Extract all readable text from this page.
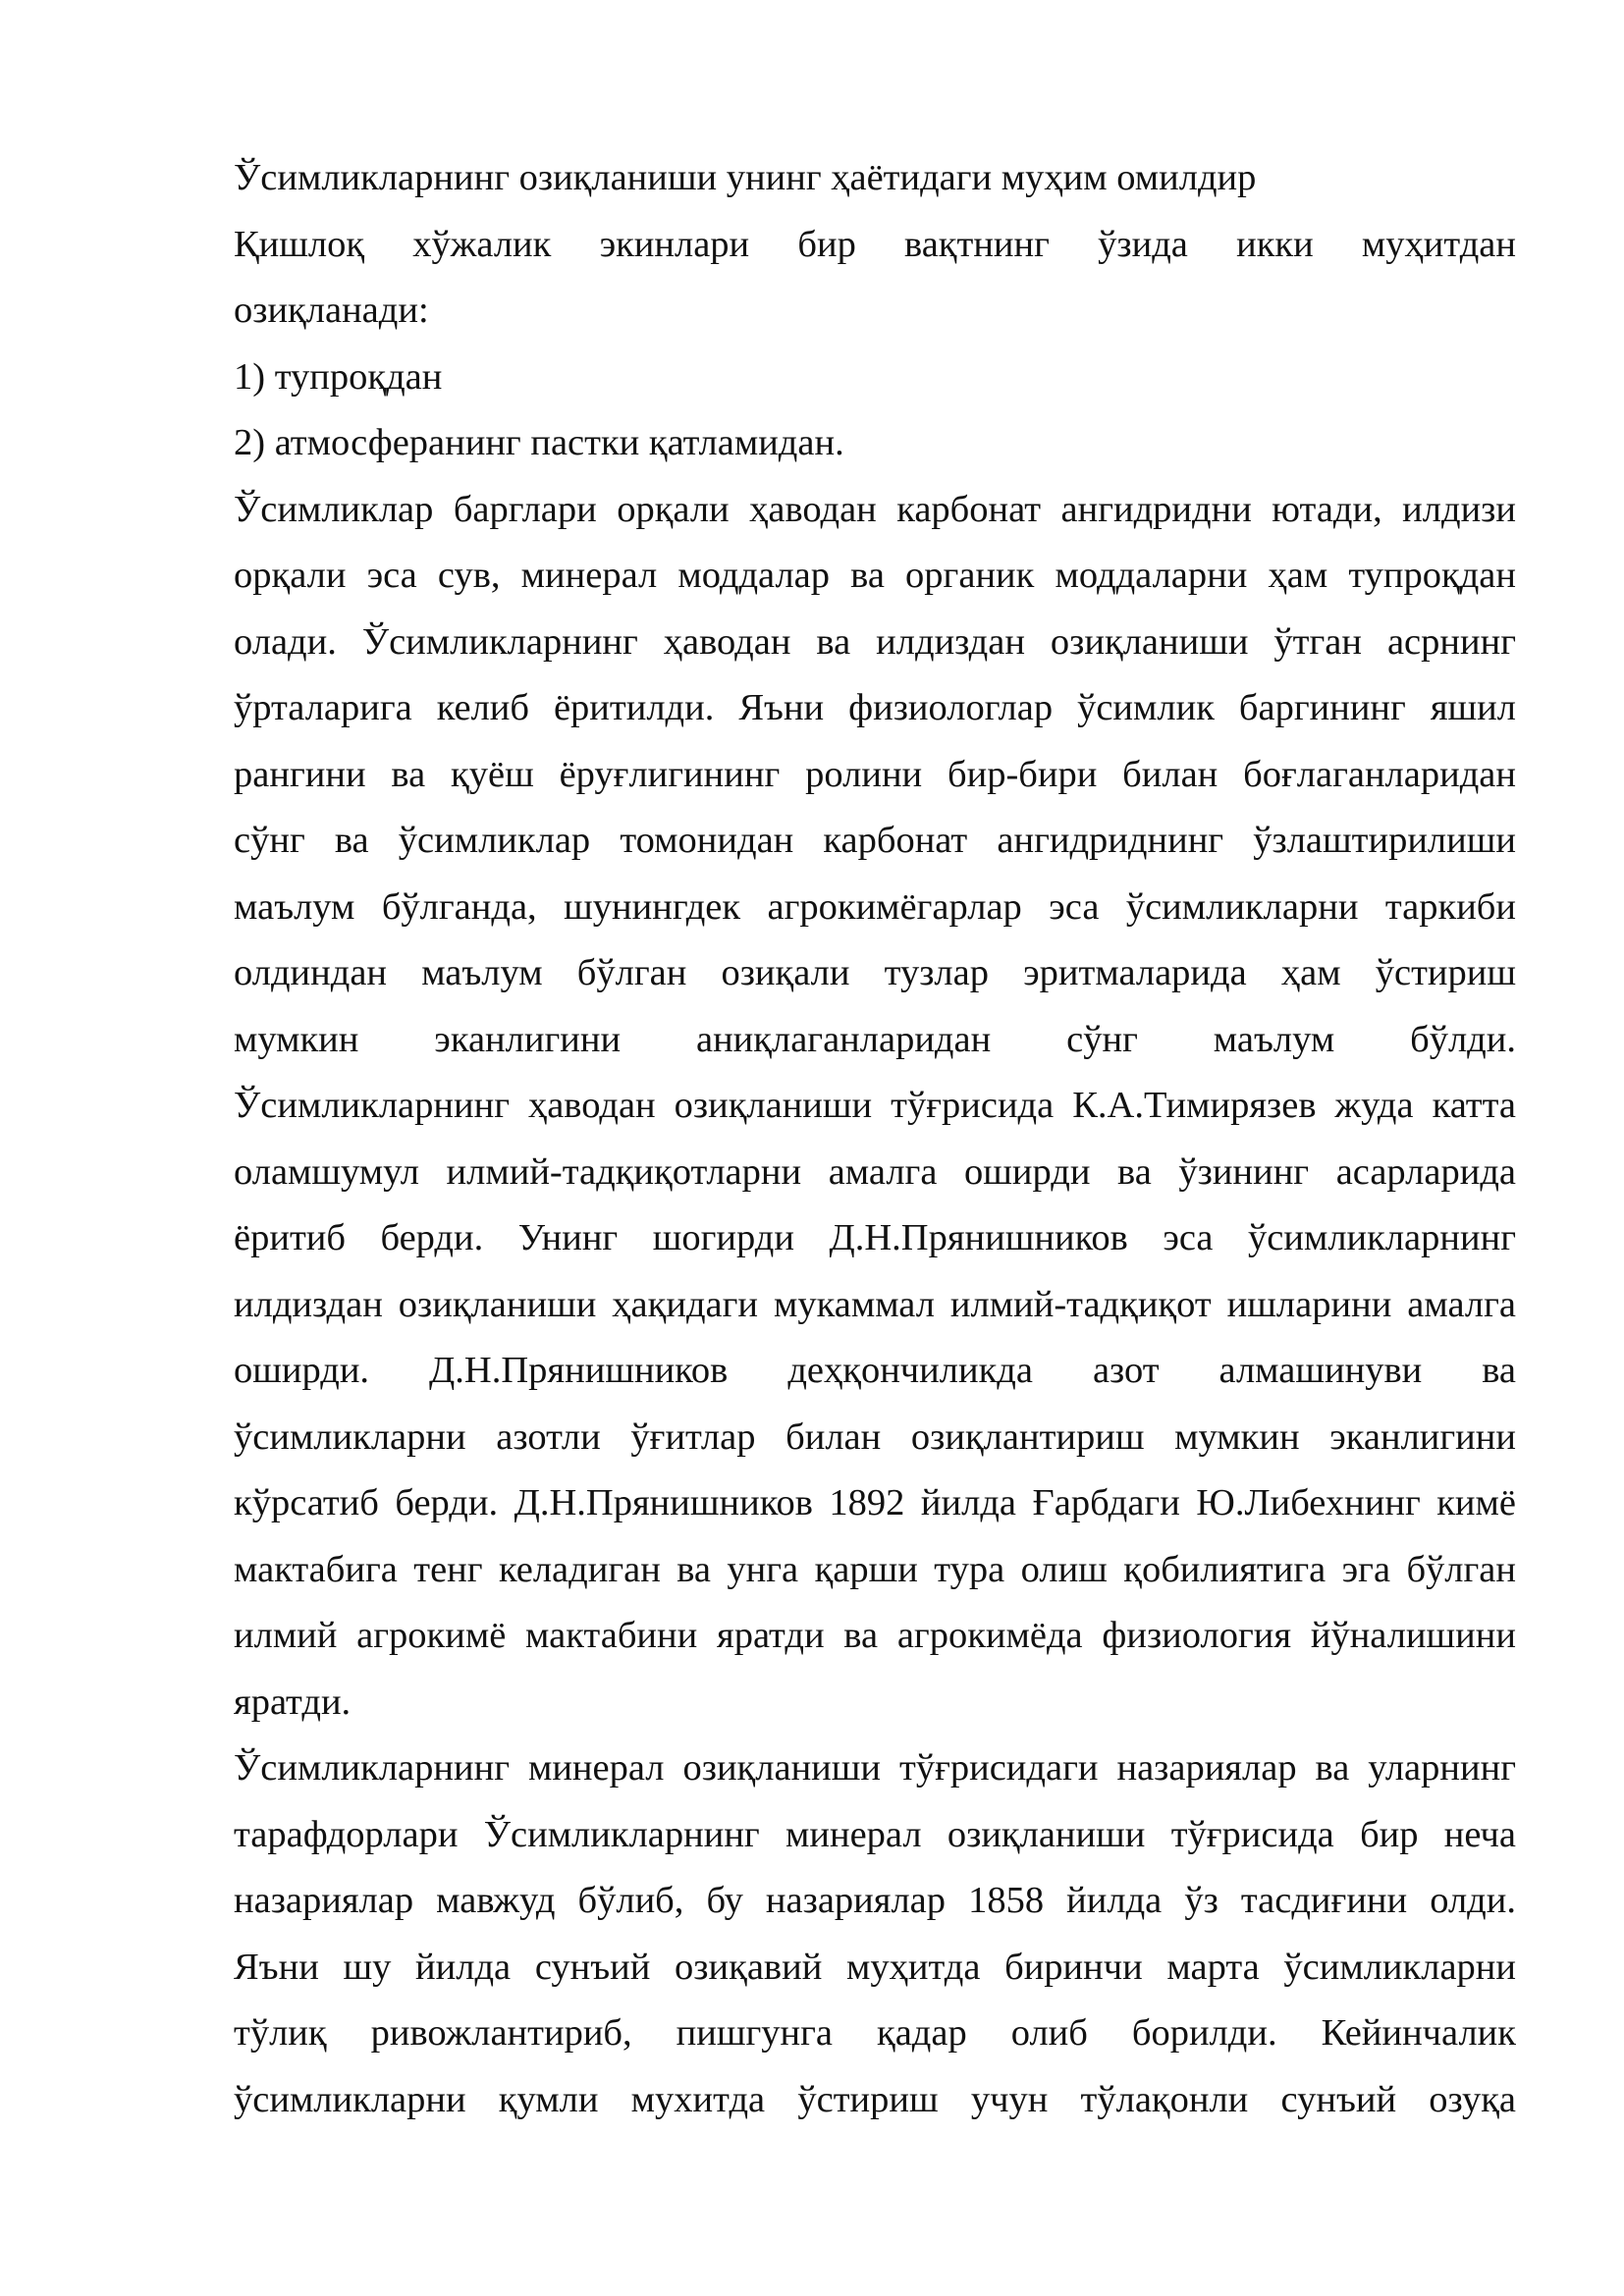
Ўсимликларнинг озиқланиши унинг ҳаётидаги муҳим омилдир
Қишлоқ хўжалик экинлари бир вақтнинг ўзида икки муҳитдан
озиқланади:
1) тупроқдан
2) атмосферанинг пастки қатламидан.
Ўсимликлар барглари орқали ҳаводан карбонат ангидридни ютади, илдизи
орқали эса сув, минерал моддалар ва органик моддаларни ҳам тупроқдан
олади. Ўсимликларнинг ҳаводан ва илдиздан озиқланиши ўтган асрнинг
ўрталарига келиб ёритилди. Яъни физиологлар ўсимлик баргининг яшил
рангини ва қуёш ёруғлигининг ролини бир-бири билан боғлаганларидан
сўнг ва ўсимликлар томонидан карбонат ангидриднинг ўзлаштирилиши
маълум бўлганда, шунингдек агрокимёгарлар эса ўсимликларни таркиби
олдиндан маълум бўлган озиқали тузлар эритмаларида ҳам ўстириш
мумкин эканлигини аниқлаганларидан сўнг маълум бўлди.
Ўсимликларнинг ҳаводан озиқланиши тўғрисида К.А.Тимирязев жуда катта
оламшумул илмий-тадқиқотларни амалга оширди ва ўзининг асарларида
ёритиб берди. Унинг шогирди Д.Н.Прянишников эса ўсимликларнинг
илдиздан озиқланиши ҳақидаги мукаммал илмий-тадқиқот ишларини амалга
оширди. Д.Н.Прянишников деҳқончиликда азот алмашинуви ва
ўсимликларни азотли ўғитлар билан озиқлантириш мумкин эканлигини
кўрсатиб берди. Д.Н.Прянишников 1892 йилда Ғарбдаги Ю.Либехнинг кимё
мактабига тенг келадиган ва унга қарши тура олиш қобилиятига эга бўлган
илмий агрокимё мактабини яратди ва агрокимёда физиология йўналишини
яратди.
Ўсимликларнинг минерал озиқланиши тўғрисидаги назариялар ва уларнинг
тарафдорлари Ўсимликларнинг минерал озиқланиши тўғрисида бир неча
назариялар мавжуд бўлиб, бу назариялар 1858 йилда ўз тасдиғини олди.
Яъни шу йилда сунъий озиқавий муҳитда биринчи марта ўсимликларни
тўлиқ ривожлантириб, пишгунга қадар олиб борилди. Кейинчалик
ўсимликларни қумли мухитда ўстириш учун тўлақонли сунъий озуқа
